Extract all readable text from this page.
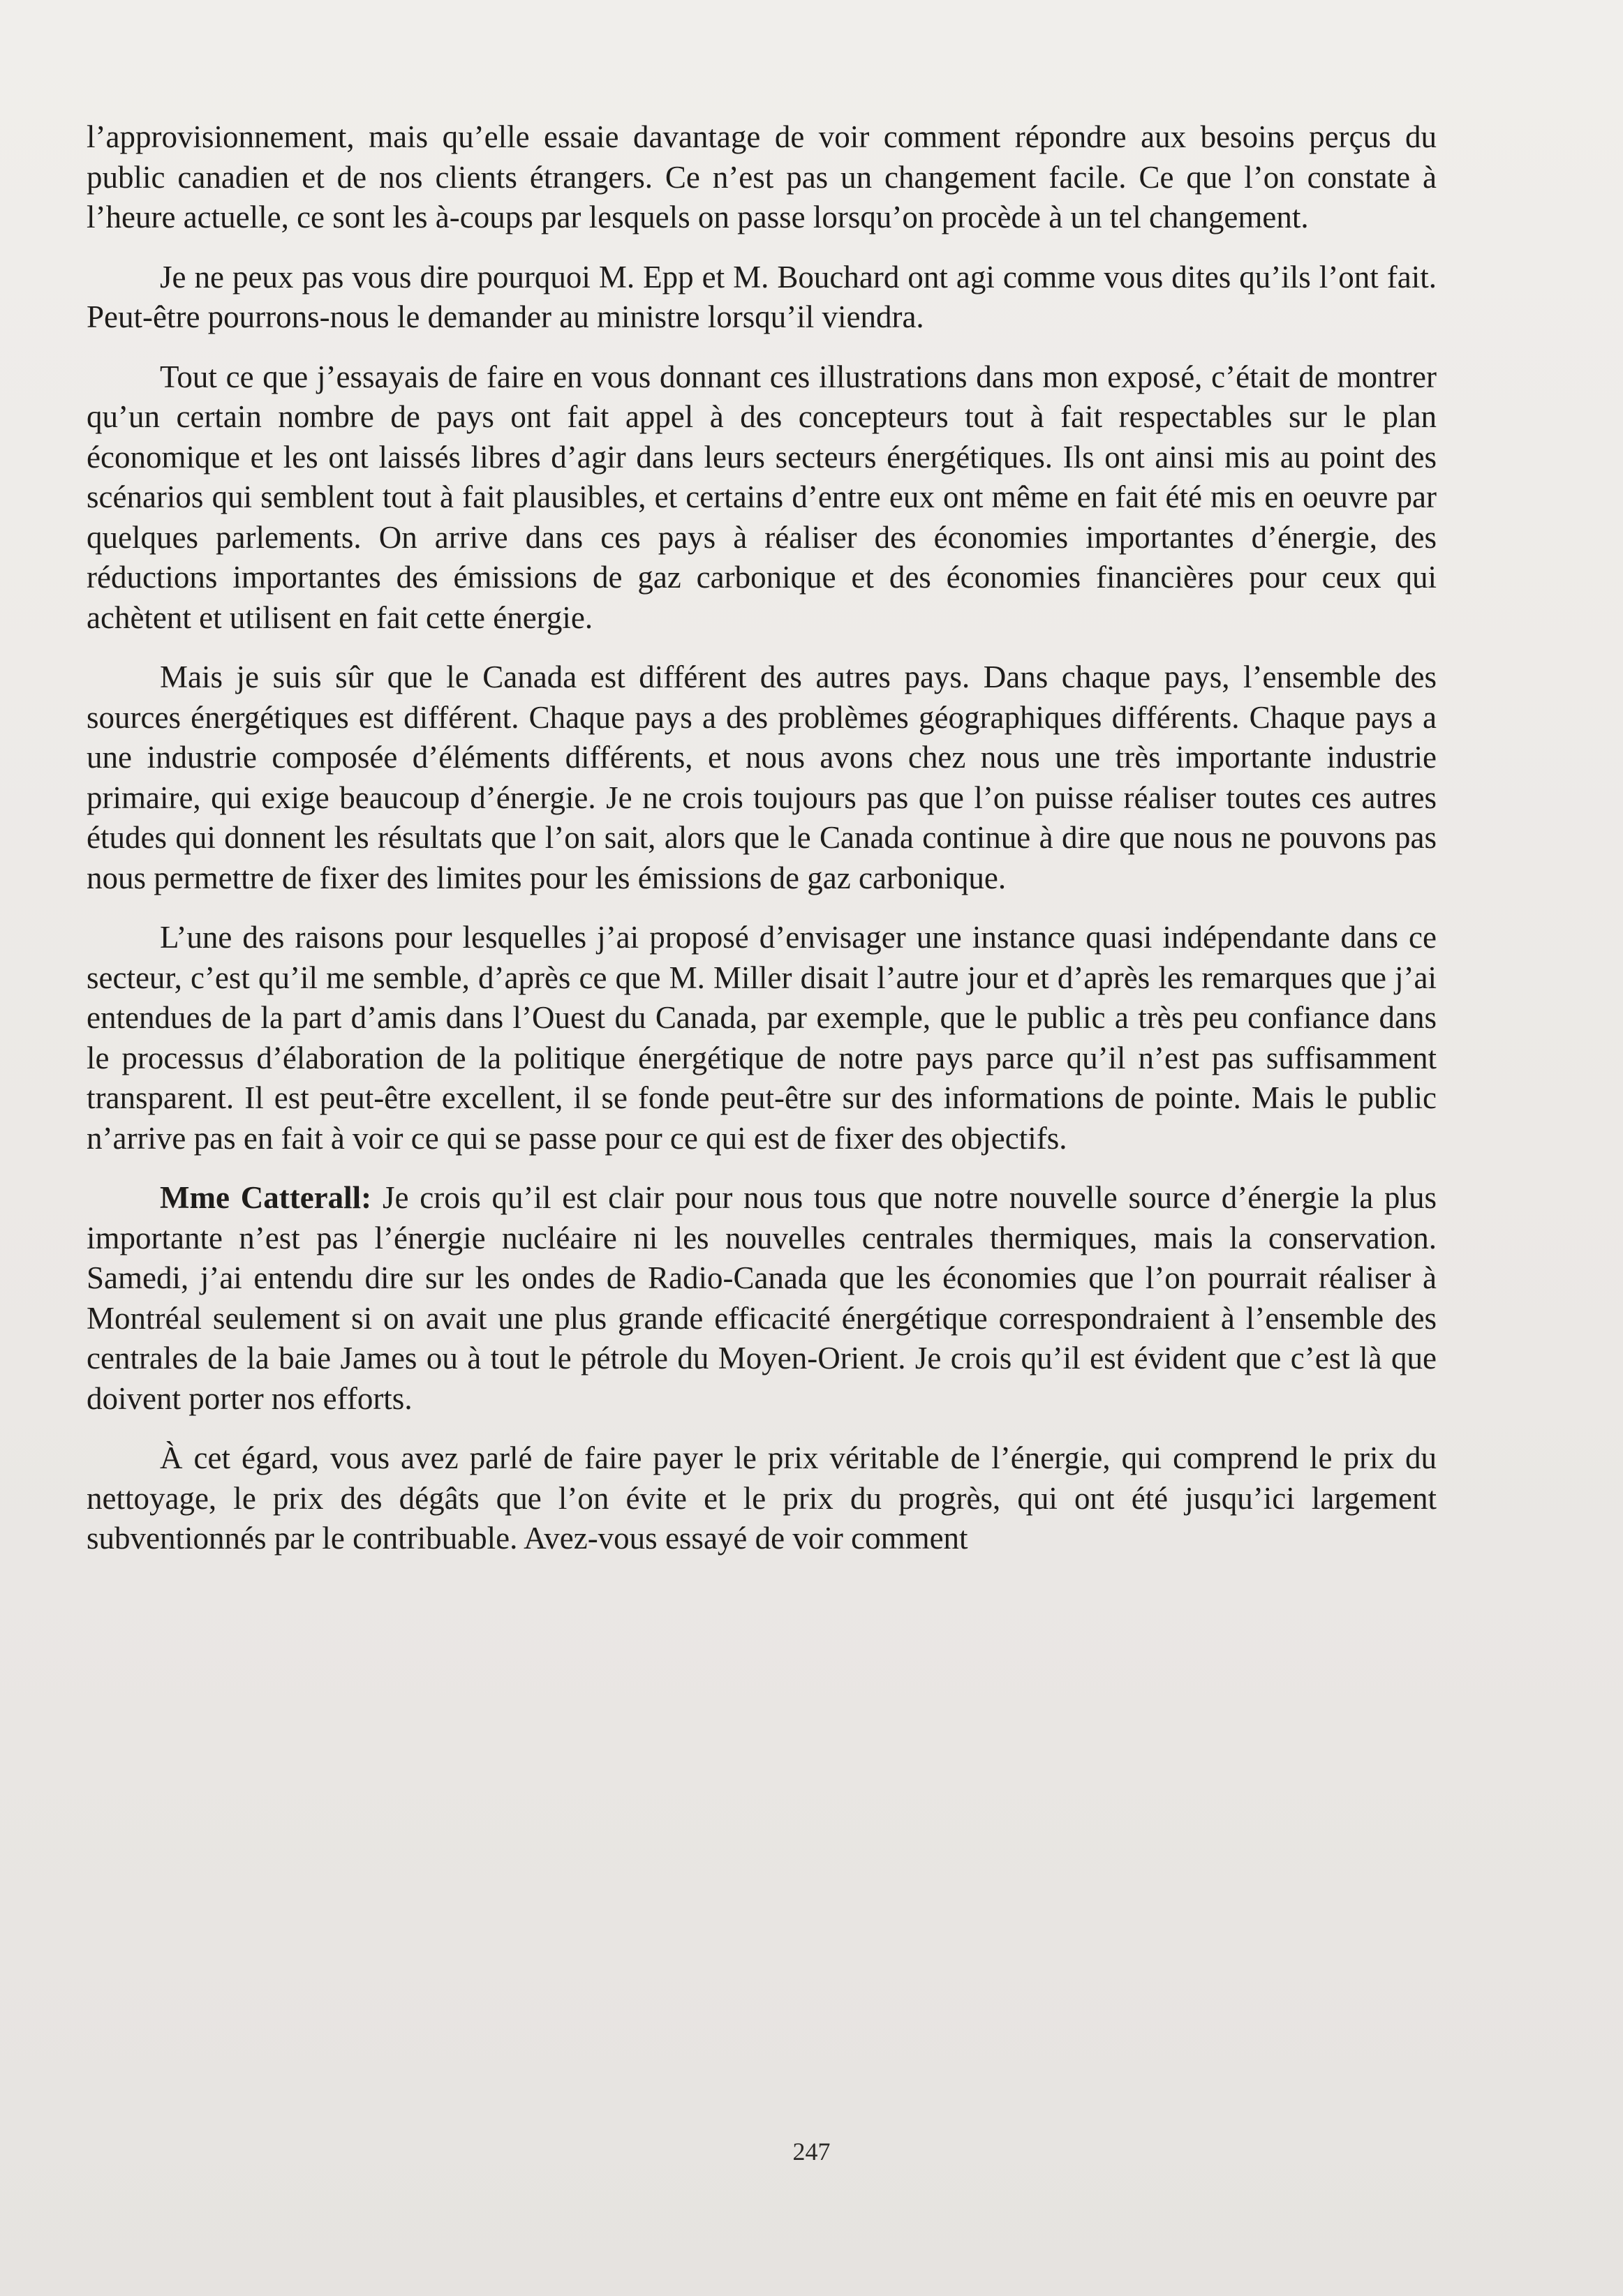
l’approvisionnement, mais qu’elle essaie davantage de voir comment répondre aux besoins perçus du public canadien et de nos clients étrangers. Ce n’est pas un changement facile. Ce que l’on constate à l’heure actuelle, ce sont les à-coups par lesquels on passe lorsqu’on procède à un tel changement.

Je ne peux pas vous dire pourquoi M. Epp et M. Bouchard ont agi comme vous dites qu’ils l’ont fait. Peut-être pourrons-nous le demander au ministre lorsqu’il viendra.

Tout ce que j’essayais de faire en vous donnant ces illustrations dans mon exposé, c’était de montrer qu’un certain nombre de pays ont fait appel à des concepteurs tout à fait respectables sur le plan économique et les ont laissés libres d’agir dans leurs secteurs énergétiques. Ils ont ainsi mis au point des scénarios qui semblent tout à fait plausibles, et certains d’entre eux ont même en fait été mis en oeuvre par quelques parlements. On arrive dans ces pays à réaliser des économies importantes d’énergie, des réductions importantes des émissions de gaz carbonique et des économies financières pour ceux qui achètent et utilisent en fait cette énergie.

Mais je suis sûr que le Canada est différent des autres pays. Dans chaque pays, l’ensemble des sources énergétiques est différent. Chaque pays a des problèmes géographiques différents. Chaque pays a une industrie composée d’éléments différents, et nous avons chez nous une très importante industrie primaire, qui exige beaucoup d’énergie. Je ne crois toujours pas que l’on puisse réaliser toutes ces autres études qui donnent les résultats que l’on sait, alors que le Canada continue à dire que nous ne pouvons pas nous permettre de fixer des limites pour les émissions de gaz carbonique.

L’une des raisons pour lesquelles j’ai proposé d’envisager une instance quasi indépendante dans ce secteur, c’est qu’il me semble, d’après ce que M. Miller disait l’autre jour et d’après les remarques que j’ai entendues de la part d’amis dans l’Ouest du Canada, par exemple, que le public a très peu confiance dans le processus d’élaboration de la politique énergétique de notre pays parce qu’il n’est pas suffisamment transparent. Il est peut-être excellent, il se fonde peut-être sur des informations de pointe. Mais le public n’arrive pas en fait à voir ce qui se passe pour ce qui est de fixer des objectifs.

Mme Catterall: Je crois qu’il est clair pour nous tous que notre nouvelle source d’énergie la plus importante n’est pas l’énergie nucléaire ni les nouvelles centrales thermiques, mais la conservation. Samedi, j’ai entendu dire sur les ondes de Radio-Canada que les économies que l’on pourrait réaliser à Montréal seulement si on avait une plus grande efficacité énergétique correspondraient à l’ensemble des centrales de la baie James ou à tout le pétrole du Moyen-Orient. Je crois qu’il est évident que c’est là que doivent porter nos efforts.

À cet égard, vous avez parlé de faire payer le prix véritable de l’énergie, qui comprend le prix du nettoyage, le prix des dégâts que l’on évite et le prix du progrès, qui ont été jusqu’ici largement subventionnés par le contribuable. Avez-vous essayé de voir comment

247
